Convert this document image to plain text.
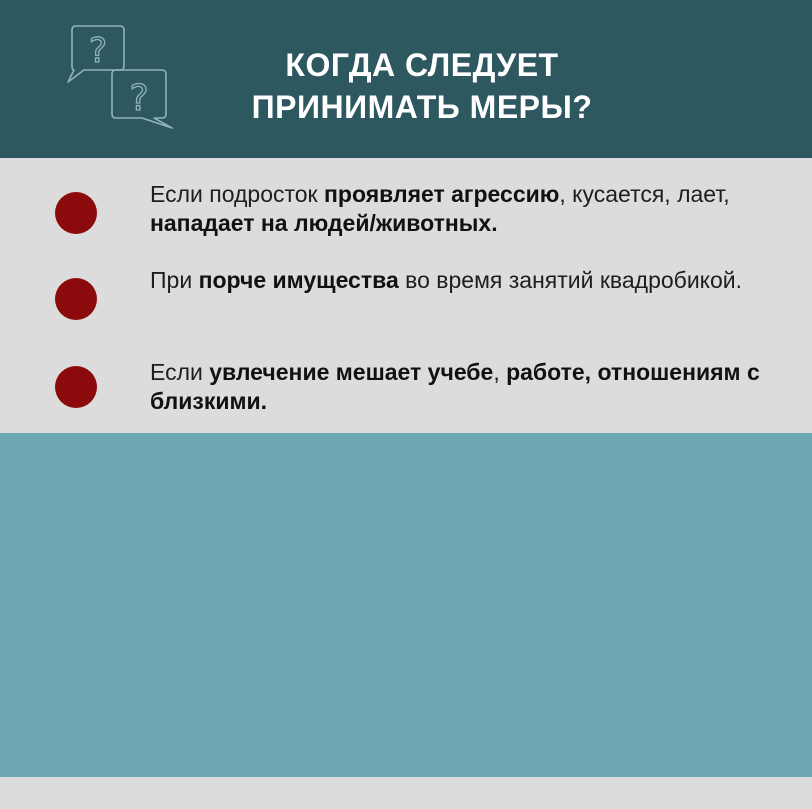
?
?
КОГДА СЛЕДУЕТ
ПРИНИМАТЬ МЕРЫ?
Если подросток проявляет агрессию, кусается, лает, нападает на людей/животных.
При порче имущества во время занятий квадробикой.
Если увлечение мешает учебе, работе, отношениям с близкими.
